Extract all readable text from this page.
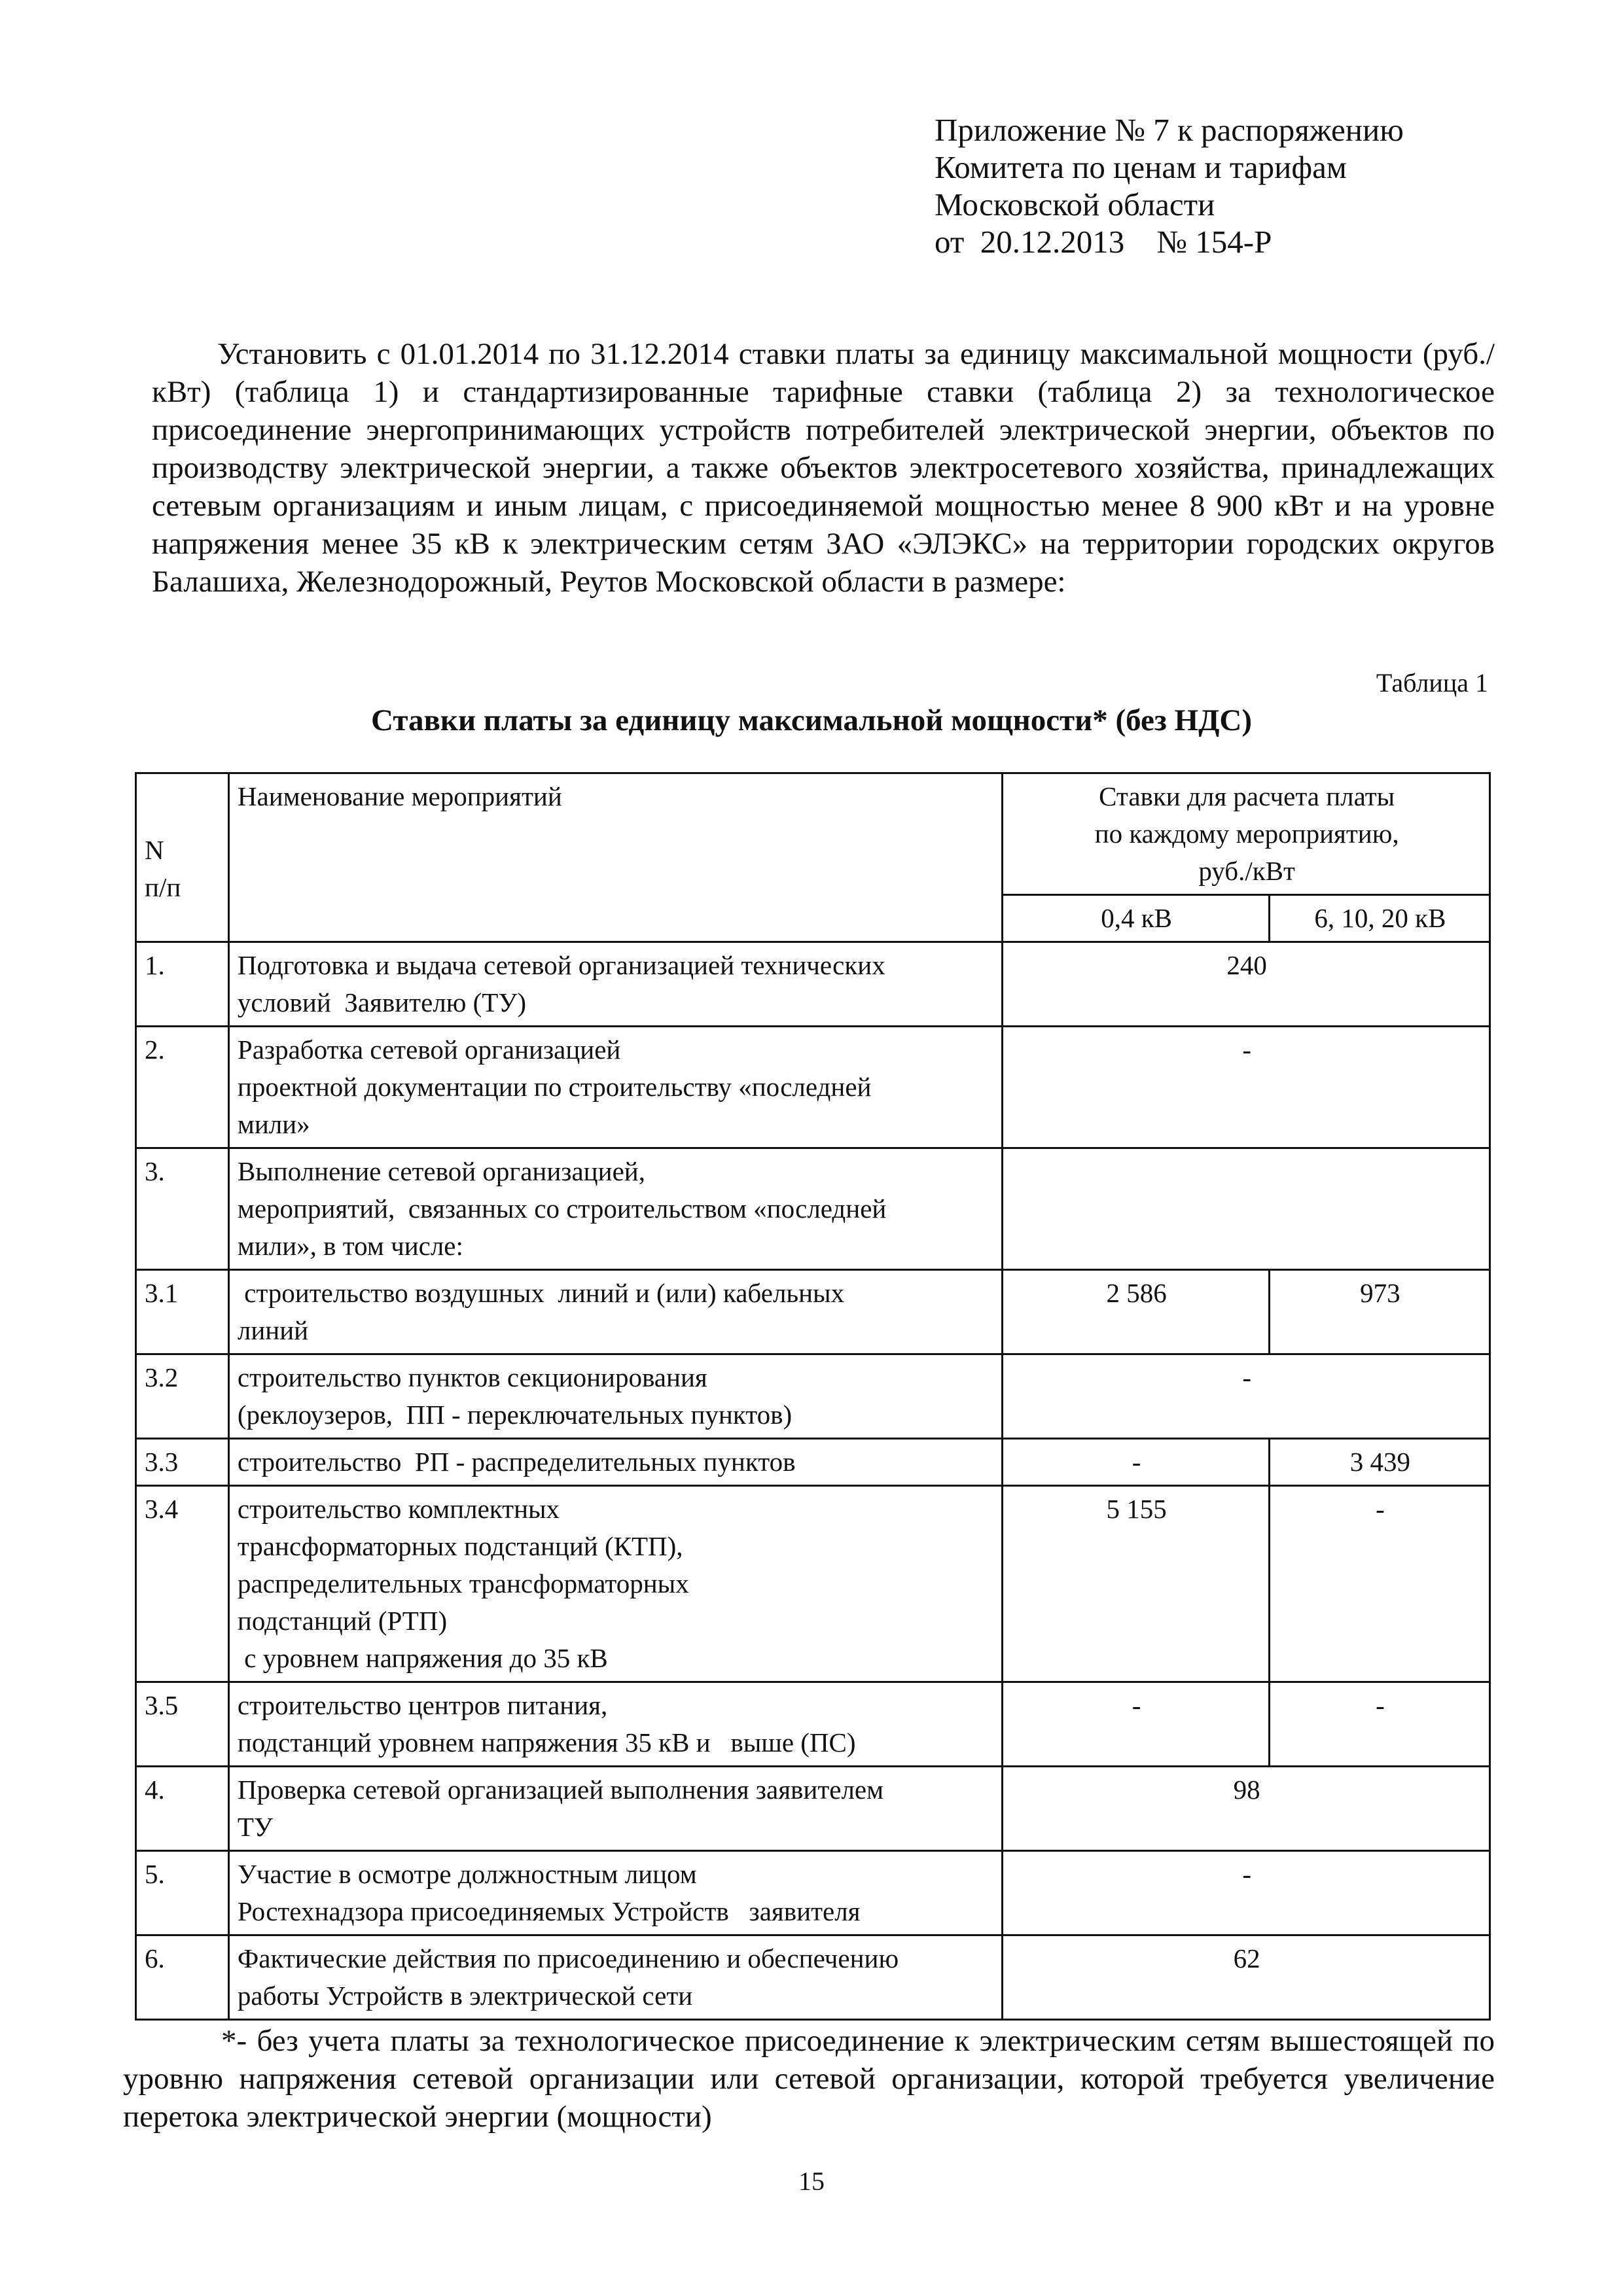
Приложение № 7 к распоряжению
Комитета по ценам и тарифам
Московской области
от  20.12.2013    № 154-Р
Установить с 01.01.2014 по 31.12.2014 ставки платы за единицу максимальной мощности (руб./кВт) (таблица 1) и стандартизированные тарифные ставки (таблица 2) за технологическое присоединение энергопринимающих устройств потребителей электрической энергии, объектов по производству электрической энергии, а также объектов электросетевого хозяйства, принадлежащих сетевым организациям и иным лицам, с присоединяемой мощностью менее 8 900 кВт и на уровне напряжения менее 35 кВ к электрическим сетям ЗАО «ЭЛЭКС» на территории городских округов Балашиха, Железнодорожный, Реутов Московской области в размере:
Таблица 1
Ставки платы за единицу максимальной мощности* (без НДС)
N
п/п	Наименование мероприятий	Ставки для расчета платы
по каждому мероприятию,
руб./кВт	

		0,4 кВ	6, 10, 20 кВ
1.	Подготовка и выдача сетевой организацией технических
условий  Заявителю (ТУ)	240	
2.	Разработка сетевой организацией
проектной документации по строительству «последней
мили»	-	
3.	Выполнение сетевой организацией,
мероприятий,  связанных со строительством «последней
мили», в том числе:		

3.1	строительство воздушных  линий и (или) кабельных
линий	2 586	973
3.2	строительство пунктов секционирования
(реклоузеров,  ПП - переключательных пунктов)	-	
3.3	строительство  РП - распределительных пунктов	-	3 439
3.4	строительство комплектных
трансформаторных подстанций (КТП),
распределительных трансформаторных
подстанций (РТП)
с уровнем напряжения до 35 кВ	5 155	-
3.5	строительство центров питания,
подстанций уровнем напряжения 35 кВ и   выше (ПС)	-	-
4.	Проверка сетевой организацией выполнения заявителем
ТУ	98	
5.	Участие в осмотре должностным лицом
Ростехнадзора присоединяемых Устройств   заявителя	-	
6.	Фактические действия по присоединению и обеспечению
работы Устройств в электрической сети	62	
*- без учета платы за технологическое присоединение к электрическим сетям вышестоящей по уровню напряжения сетевой организации или сетевой организации, которой требуется увеличение перетока электрической энергии (мощности)
15
